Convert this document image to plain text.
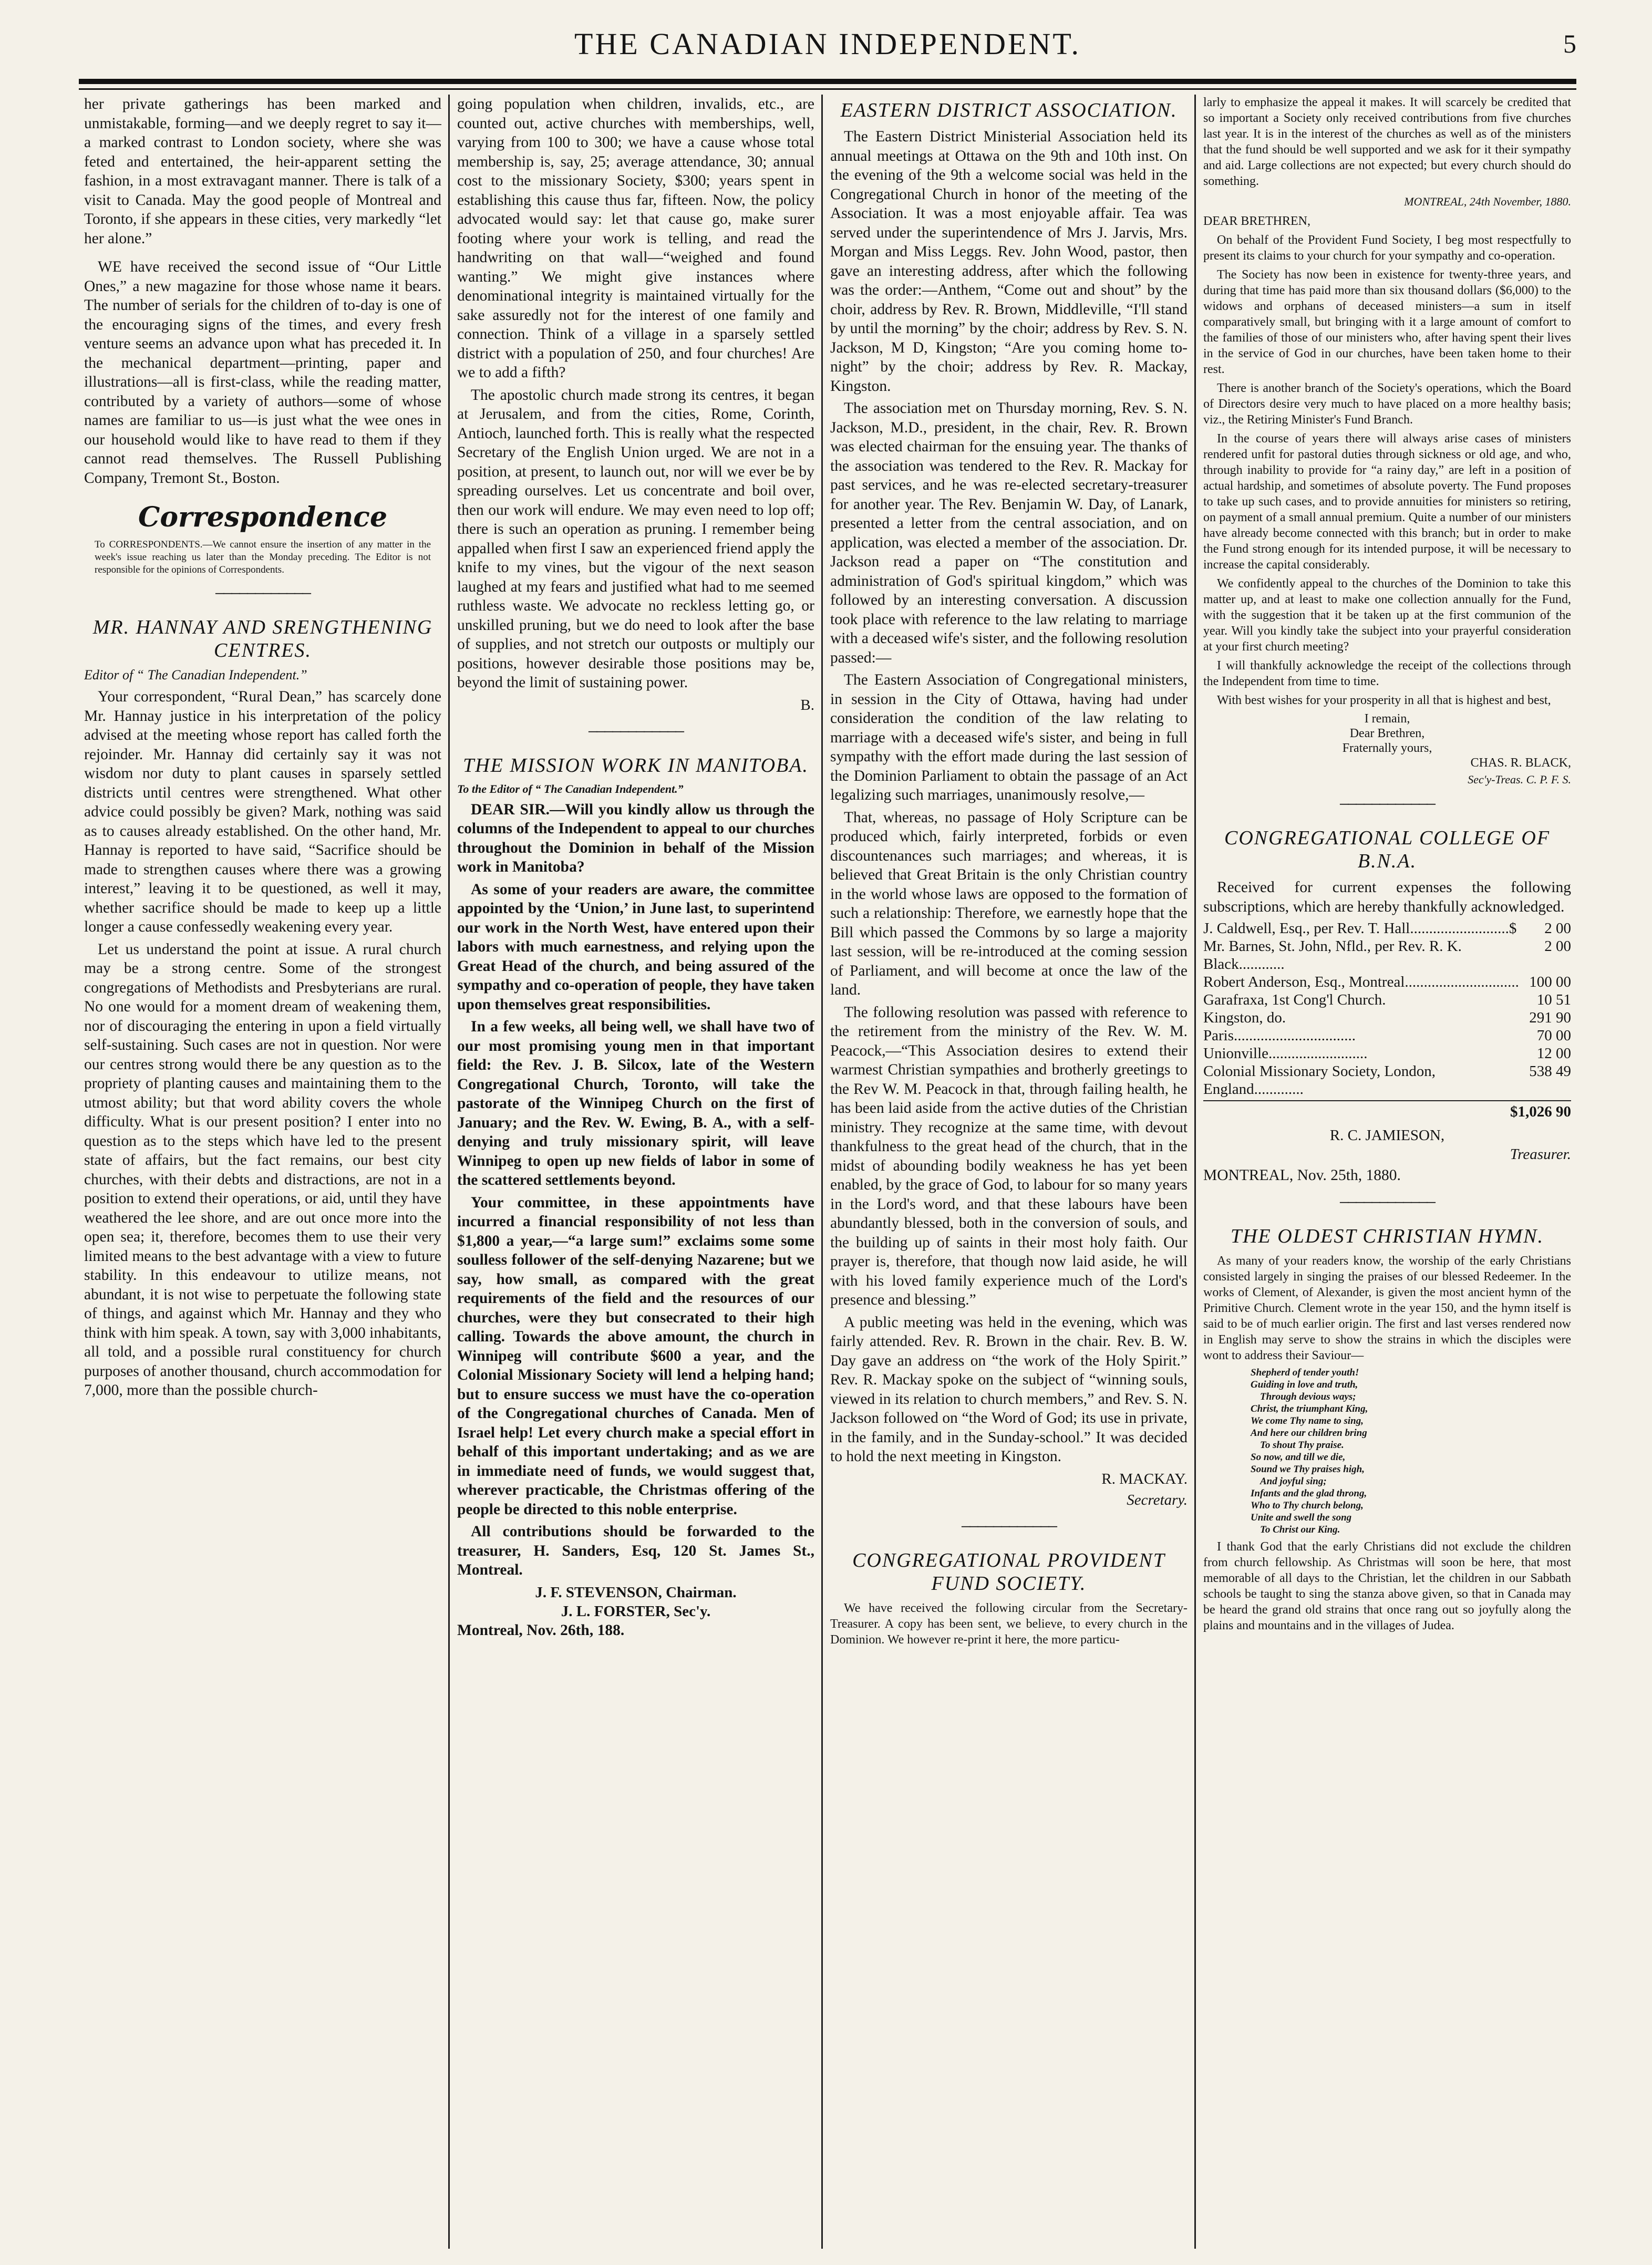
THE CANADIAN INDEPENDENT.	5

her private gatherings has been marked and unmistakable, forming—and we deeply regret to say it—a marked contrast to London society, where she was feted and entertained, the heir-apparent setting the fashion, in a most extravagant manner. There is talk of a visit to Canada. May the good people of Montreal and Toronto, if she appears in these cities, very markedly “let her alone.”

WE have received the second issue of “Our Little Ones,” a new magazine for those whose name it bears. The number of serials for the children of to-day is one of the encouraging signs of the times, and every fresh venture seems an advance upon what has preceded it. In the mechanical department—printing, paper and illustrations—all is first-class, while the reading matter, contributed by a variety of authors—some of whose names are familiar to us—is just what the wee ones in our household would like to have read to them if they cannot read themselves. The Russell Publishing Company, Tremont St., Boston.

Correspondence
To CORRESPONDENTS.—We cannot ensure the insertion of any matter in the week's issue reaching us later than the Monday preceding. The Editor is not responsible for the opinions of Correspondents.
────────────
MR. HANNAY AND SRENGTHENING CENTRES.
Editor of “ The Canadian Independent.”

Your correspondent, “Rural Dean,” has scarcely done Mr. Hannay justice in his interpretation of the policy advised at the meeting whose report has called forth the rejoinder. Mr. Hannay did certainly say it was not wisdom nor duty to plant causes in sparsely settled districts until centres were strengthened. What other advice could possibly be given? Mark, nothing was said as to causes already established. On the other hand, Mr. Hannay is reported to have said, “Sacrifice should be made to strengthen causes where there was a growing interest,” leaving it to be questioned, as well it may, whether sacrifice should be made to keep up a little longer a cause confessedly weakening every year.

Let us understand the point at issue. A rural church may be a strong centre. Some of the strongest congregations of Methodists and Presbyterians are rural. No one would for a moment dream of weakening them, nor of discouraging the entering in upon a field virtually self-sustaining. Such cases are not in question. Nor were our centres strong would there be any question as to the propriety of planting causes and maintaining them to the utmost ability; but that word ability covers the whole difficulty. What is our present position? I enter into no question as to the steps which have led to the present state of affairs, but the fact remains, our best city churches, with their debts and distractions, are not in a position to extend their operations, or aid, until they have weathered the lee shore, and are out once more into the open sea; it, therefore, becomes them to use their very limited means to the best advantage with a view to future stability. In this endeavour to utilize means, not abundant, it is not wise to perpetuate the following state of things, and against which Mr. Hannay and they who think with him speak. A town, say with 3,000 inhabitants, all told, and a possible rural constituency for church purposes of another thousand, church accommodation for 7,000, more than the possible church-

going population when children, invalids, etc., are counted out, active churches with memberships, well, varying from 100 to 300; we have a cause whose total membership is, say, 25; average attendance, 30; annual cost to the missionary Society, $300; years spent in establishing this cause thus far, fifteen. Now, the policy advocated would say: let that cause go, make surer footing where your work is telling, and read the handwriting on that wall—“weighed and found wanting.” We might give instances where denominational integrity is maintained virtually for the sake assuredly not for the interest of one family and connection. Think of a village in a sparsely settled district with a population of 250, and four churches! Are we to add a fifth?

The apostolic church made strong its centres, it began at Jerusalem, and from the cities, Rome, Corinth, Antioch, launched forth. This is really what the respected Secretary of the English Union urged. We are not in a position, at present, to launch out, nor will we ever be by spreading ourselves. Let us concentrate and boil over, then our work will endure. We may even need to lop off; there is such an operation as pruning. I remember being appalled when first I saw an experienced friend apply the knife to my vines, but the vigour of the next season laughed at my fears and justified what had to me seemed ruthless waste. We advocate no reckless letting go, or unskilled pruning, but we do need to look after the base of supplies, and not stretch our outposts or multiply our positions, however desirable those positions may be, beyond the limit of sustaining power.

B.
────────────
THE MISSION WORK IN MANITOBA.
To the Editor of “ The Canadian Independent.”

DEAR SIR.—Will you kindly allow us through the columns of the Independent to appeal to our churches throughout the Dominion in behalf of the Mission work in Manitoba?

As some of your readers are aware, the committee appointed by the ‘Union,’ in June last, to superintend our work in the North West, have entered upon their labors with much earnestness, and relying upon the Great Head of the church, and being assured of the sympathy and co-operation of people, they have taken upon themselves great responsibilities.

In a few weeks, all being well, we shall have two of our most promising young men in that important field: the Rev. J. B. Silcox, late of the Western Congregational Church, Toronto, will take the pastorate of the Winnipeg Church on the first of January; and the Rev. W. Ewing, B. A., with a self-denying and truly missionary spirit, will leave Winnipeg to open up new fields of labor in some of the scattered settlements beyond.

Your committee, in these appointments have incurred a financial responsibility of not less than $1,800 a year,—“a large sum!” exclaims some some soulless follower of the self-denying Nazarene; but we say, how small, as compared with the great requirements of the field and the resources of our churches, were they but consecrated to their high calling. Towards the above amount, the church in Winnipeg will contribute $600 a year, and the Colonial Missionary Society will lend a helping hand; but to ensure success we must have the co-operation of the Congregational churches of Canada. Men of Israel help! Let every church make a special effort in behalf of this important undertaking; and as we are in immediate need of funds, we would suggest that, wherever practicable, the Christmas offering of the people be directed to this noble enterprise.

All contributions should be forwarded to the treasurer, H. Sanders, Esq, 120 St. James St., Montreal.

J. F. STEVENSON, Chairman.
J. L. FORSTER, Sec'y.

Montreal, Nov. 26th, 188.

EASTERN DISTRICT ASSOCIATION.

The Eastern District Ministerial Association held its annual meetings at Ottawa on the 9th and 10th inst. On the evening of the 9th a welcome social was held in the Congregational Church in honor of the meeting of the Association. It was a most enjoyable affair. Tea was served under the superintendence of Mrs J. Jarvis, Mrs. Morgan and Miss Leggs. Rev. John Wood, pastor, then gave an interesting address, after which the following was the order:—Anthem, “Come out and shout” by the choir, address by Rev. R. Brown, Middleville, “I'll stand by until the morning” by the choir; address by Rev. S. N. Jackson, M D, Kingston; “Are you coming home to-night” by the choir; address by Rev. R. Mackay, Kingston.

The association met on Thursday morning, Rev. S. N. Jackson, M.D., president, in the chair, Rev. R. Brown was elected chairman for the ensuing year. The thanks of the association was tendered to the Rev. R. Mackay for past services, and he was re-elected secretary-treasurer for another year. The Rev. Benjamin W. Day, of Lanark, presented a letter from the central association, and on application, was elected a member of the association. Dr. Jackson read a paper on “The constitution and administration of God's spiritual kingdom,” which was followed by an interesting conversation. A discussion took place with reference to the law relating to marriage with a deceased wife's sister, and the following resolution passed:—

The Eastern Association of Congregational ministers, in session in the City of Ottawa, having had under consideration the condition of the law relating to marriage with a deceased wife's sister, and being in full sympathy with the effort made during the last session of the Dominion Parliament to obtain the passage of an Act legalizing such marriages, unanimously resolve,—

That, whereas, no passage of Holy Scripture can be produced which, fairly interpreted, forbids or even discountenances such marriages; and whereas, it is believed that Great Britain is the only Christian country in the world whose laws are opposed to the formation of such a relationship: Therefore, we earnestly hope that the Bill which passed the Commons by so large a majority last session, will be re-introduced at the coming session of Parliament, and will become at once the law of the land.

The following resolution was passed with reference to the retirement from the ministry of the Rev. W. M. Peacock,—“This Association desires to extend their warmest Christian sympathies and brotherly greetings to the Rev W. M. Peacock in that, through failing health, he has been laid aside from the active duties of the Christian ministry. They recognize at the same time, with devout thankfulness to the great head of the church, that in the midst of abounding bodily weakness he has yet been enabled, by the grace of God, to labour for so many years in the Lord's word, and that these labours have been abundantly blessed, both in the conversion of souls, and the building up of saints in their most holy faith. Our prayer is, therefore, that though now laid aside, he will with his loved family experience much of the Lord's presence and blessing.”

A public meeting was held in the evening, which was fairly attended. Rev. R. Brown in the chair. Rev. B. W. Day gave an address on “the work of the Holy Spirit.” Rev. R. Mackay spoke on the subject of “winning souls, viewed in its relation to church members,” and Rev. S. N. Jackson followed on “the Word of God; its use in private, in the family, and in the Sunday-school.” It was decided to hold the next meeting in Kingston.

R. MACKAY.
Secretary.
────────────
CONGREGATIONAL PROVIDENT FUND SOCIETY.

We have received the following circular from the Secretary-Treasurer. A copy has been sent, we believe, to every church in the Dominion. We however re-print it here, the more particu-

larly to emphasize the appeal it makes. It will scarcely be credited that so important a Society only received contributions from five churches last year. It is in the interest of the churches as well as of the ministers that the fund should be well supported and we ask for it their sympathy and aid. Large collections are not expected; but every church should do something.

MONTREAL, 24th November, 1880.

DEAR BRETHREN,

On behalf of the Provident Fund Society, I beg most respectfully to present its claims to your church for your sympathy and co-operation.

The Society has now been in existence for twenty-three years, and during that time has paid more than six thousand dollars ($6,000) to the widows and orphans of deceased ministers—a sum in itself comparatively small, but bringing with it a large amount of comfort to the families of those of our ministers who, after having spent their lives in the service of God in our churches, have been taken home to their rest.

There is another branch of the Society's operations, which the Board of Directors desire very much to have placed on a more healthy basis; viz., the Retiring Minister's Fund Branch.

In the course of years there will always arise cases of ministers rendered unfit for pastoral duties through sickness or old age, and who, through inability to provide for “a rainy day,” are left in a position of actual hardship, and sometimes of absolute poverty. The Fund proposes to take up such cases, and to provide annuities for ministers so retiring, on payment of a small annual premium. Quite a number of our ministers have already become connected with this branch; but in order to make the Fund strong enough for its intended purpose, it will be necessary to increase the capital considerably.

We confidently appeal to the churches of the Dominion to take this matter up, and at least to make one collection annually for the Fund, with the suggestion that it be taken up at the first communion of the year. Will you kindly take the subject into your prayerful consideration at your first church meeting?

I will thankfully acknowledge the receipt of the collections through the Independent from time to time.

With best wishes for your prosperity in all that is highest and best,

I remain,
Dear Brethren,
Fraternally yours,
CHAS. R. BLACK,
Sec'y-Treas. C. P. F. S.
────────────
CONGREGATIONAL COLLEGE OF B.N.A.

Received for current expenses the following subscriptions, which are hereby thankfully acknowledged.

J. Caldwell, Esq., per Rev. T. Hall..........................$	2 00
Mr. Barnes, St. John, Nfld., per Rev. R. K. Black............	2 00
Robert Anderson, Esq., Montreal..............................	100 00
Garafraxa, 1st Cong'l Church.	10 51
Kingston, do.	291 90
Paris................................	70 00
Unionville..........................	12 00
Colonial Missionary Society, London, England.............	538 49
$1,026 90
R. C. JAMIESON,
Treasurer.

MONTREAL, Nov. 25th, 1880.

────────────
THE OLDEST CHRISTIAN HYMN.

As many of your readers know, the worship of the early Christians consisted largely in singing the praises of our blessed Redeemer. In the works of Clement, of Alexander, is given the most ancient hymn of the Primitive Church. Clement wrote in the year 150, and the hymn itself is said to be of much earlier origin. The first and last verses rendered now in English may serve to show the strains in which the disciples were wont to address their Saviour—

Shepherd of tender youth!
Guiding in love and truth,
Through devious ways;
Christ, the triumphant King,
We come Thy name to sing,
And here our children bring
To shout Thy praise.
So now, and till we die,
Sound we Thy praises high,
And joyful sing;
Infants and the glad throng,
Who to Thy church belong,
Unite and swell the song
To Christ our King.

I thank God that the early Christians did not exclude the children from church fellowship. As Christmas will soon be here, that most memorable of all days to the Christian, let the children in our Sabbath schools be taught to sing the stanza above given, so that in Canada may be heard the grand old strains that once rang out so joyfully along the plains and mountains and in the villages of Judea.
